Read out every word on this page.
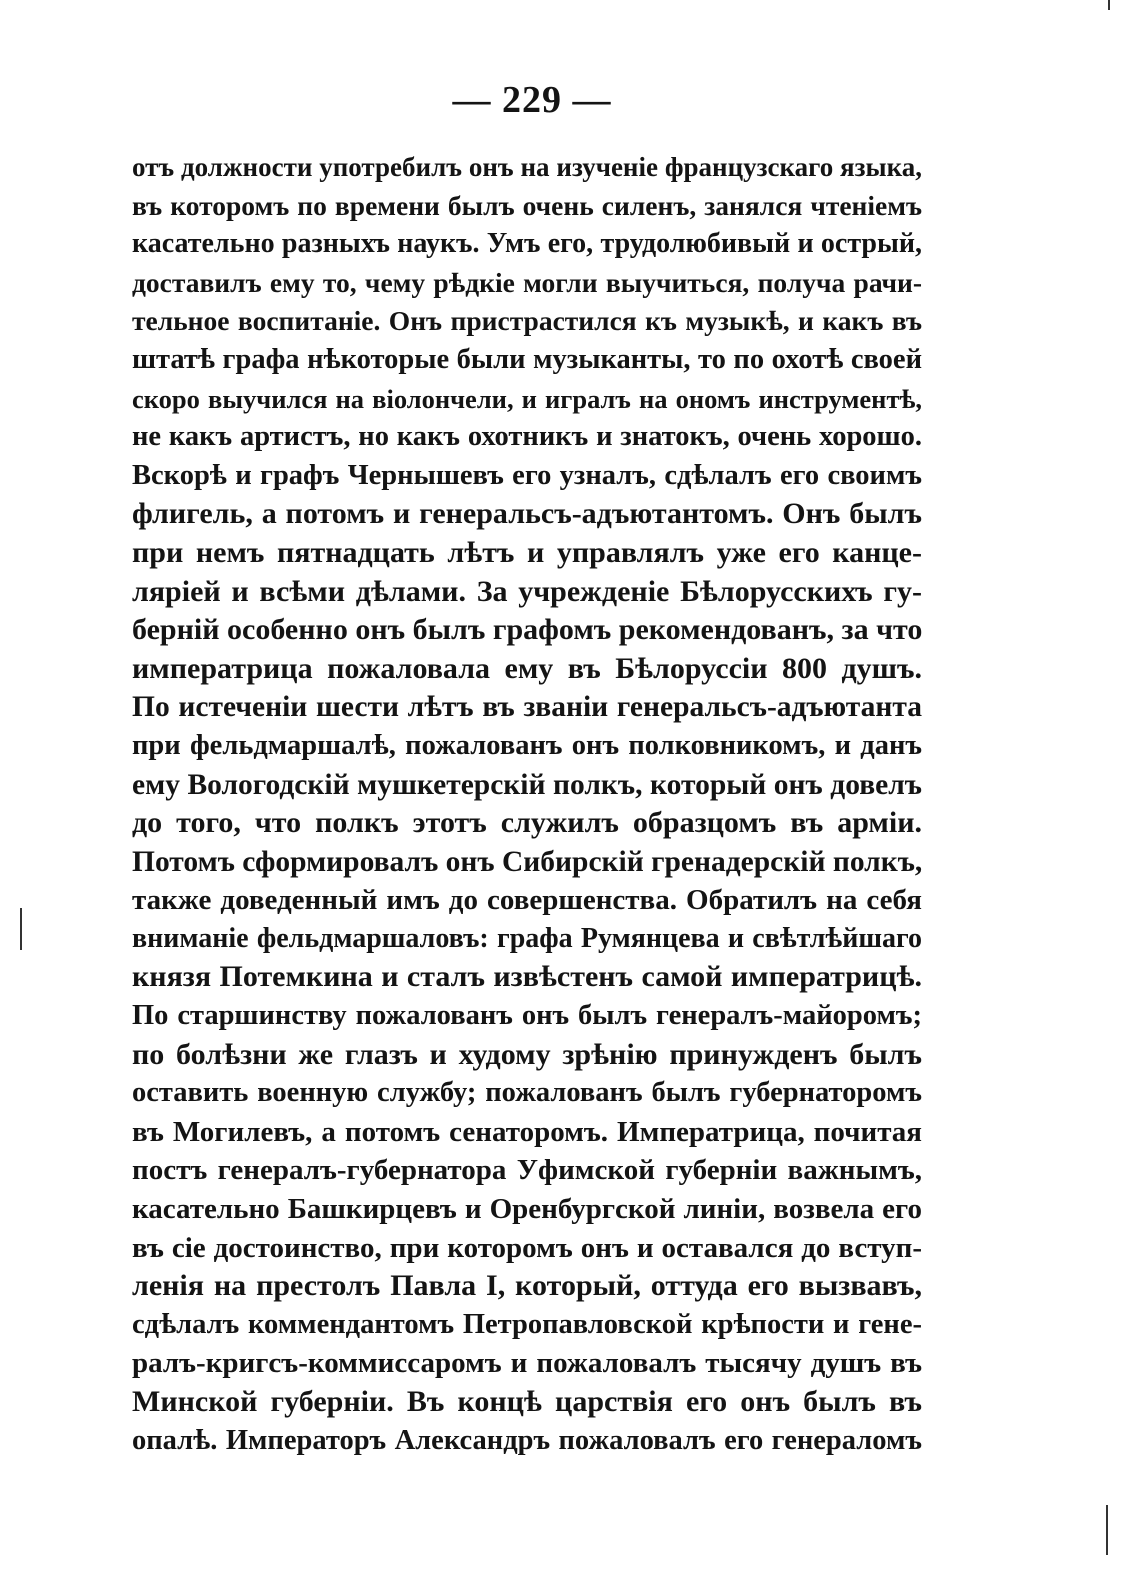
— 229 —
отъ должности употребилъ онъ на изученіе французскаго языка,
въ которомъ по времени былъ очень силенъ, занялся чтеніемъ
касательно разныхъ наукъ. Умъ его, трудолюбивый и острый,
доставилъ ему то, чему рѣдкіе могли выучиться, получа рачи-
тельное воспитаніе. Онъ пристрастился къ музыкѣ, и какъ въ
штатѣ графа нѣкоторые были музыканты, то по охотѣ своей
скоро выучился на віолончели, и игралъ на ономъ инструментѣ,
не какъ артистъ, но какъ охотникъ и знатокъ, очень хорошо.
Вскорѣ и графъ Чернышевъ его узналъ, сдѣлалъ его своимъ
флигель, а потомъ и генеральсъ-адъютантомъ. Онъ былъ
при немъ пятнадцать лѣтъ и управлялъ уже его канце-
ляріей и всѣми дѣлами. За учрежденіе Бѣлорусскихъ гу-
берній особенно онъ былъ графомъ рекомендованъ, за что
императрица пожаловала ему въ Бѣлоруссіи 800 душъ.
По истеченіи шести лѣтъ въ званіи генеральсъ-адъютанта
при фельдмаршалѣ, пожалованъ онъ полковникомъ, и данъ
ему Вологодскій мушкетерскій полкъ, который онъ довелъ
до того, что полкъ этотъ служилъ образцомъ въ арміи.
Потомъ сформировалъ онъ Сибирскій гренадерскій полкъ,
также доведенный имъ до совершенства. Обратилъ на себя
вниманіе фельдмаршаловъ: графа Румянцева и свѣтлѣйшаго
князя Потемкина и сталъ извѣстенъ самой императрицѣ.
По старшинству пожалованъ онъ былъ генералъ-майоромъ;
по болѣзни же глазъ и худому зрѣнію принужденъ былъ
оставить военную службу; пожалованъ былъ губернаторомъ
въ Могилевъ, а потомъ сенаторомъ. Императрица, почитая
постъ генералъ-губернатора Уфимской губерніи важнымъ,
касательно Башкирцевъ и Оренбургской линіи, возвела его
въ сіе достоинство, при которомъ онъ и оставался до вступ-
ленія на престолъ Павла I, который, оттуда его вызвавъ,
сдѣлалъ коммендантомъ Петропавловской крѣпости и гене-
ралъ-кригсъ-коммиссаромъ и пожаловалъ тысячу душъ въ
Минской губерніи. Въ концѣ царствія его онъ былъ въ
опалѣ. Императоръ Александръ пожаловалъ его генераломъ
